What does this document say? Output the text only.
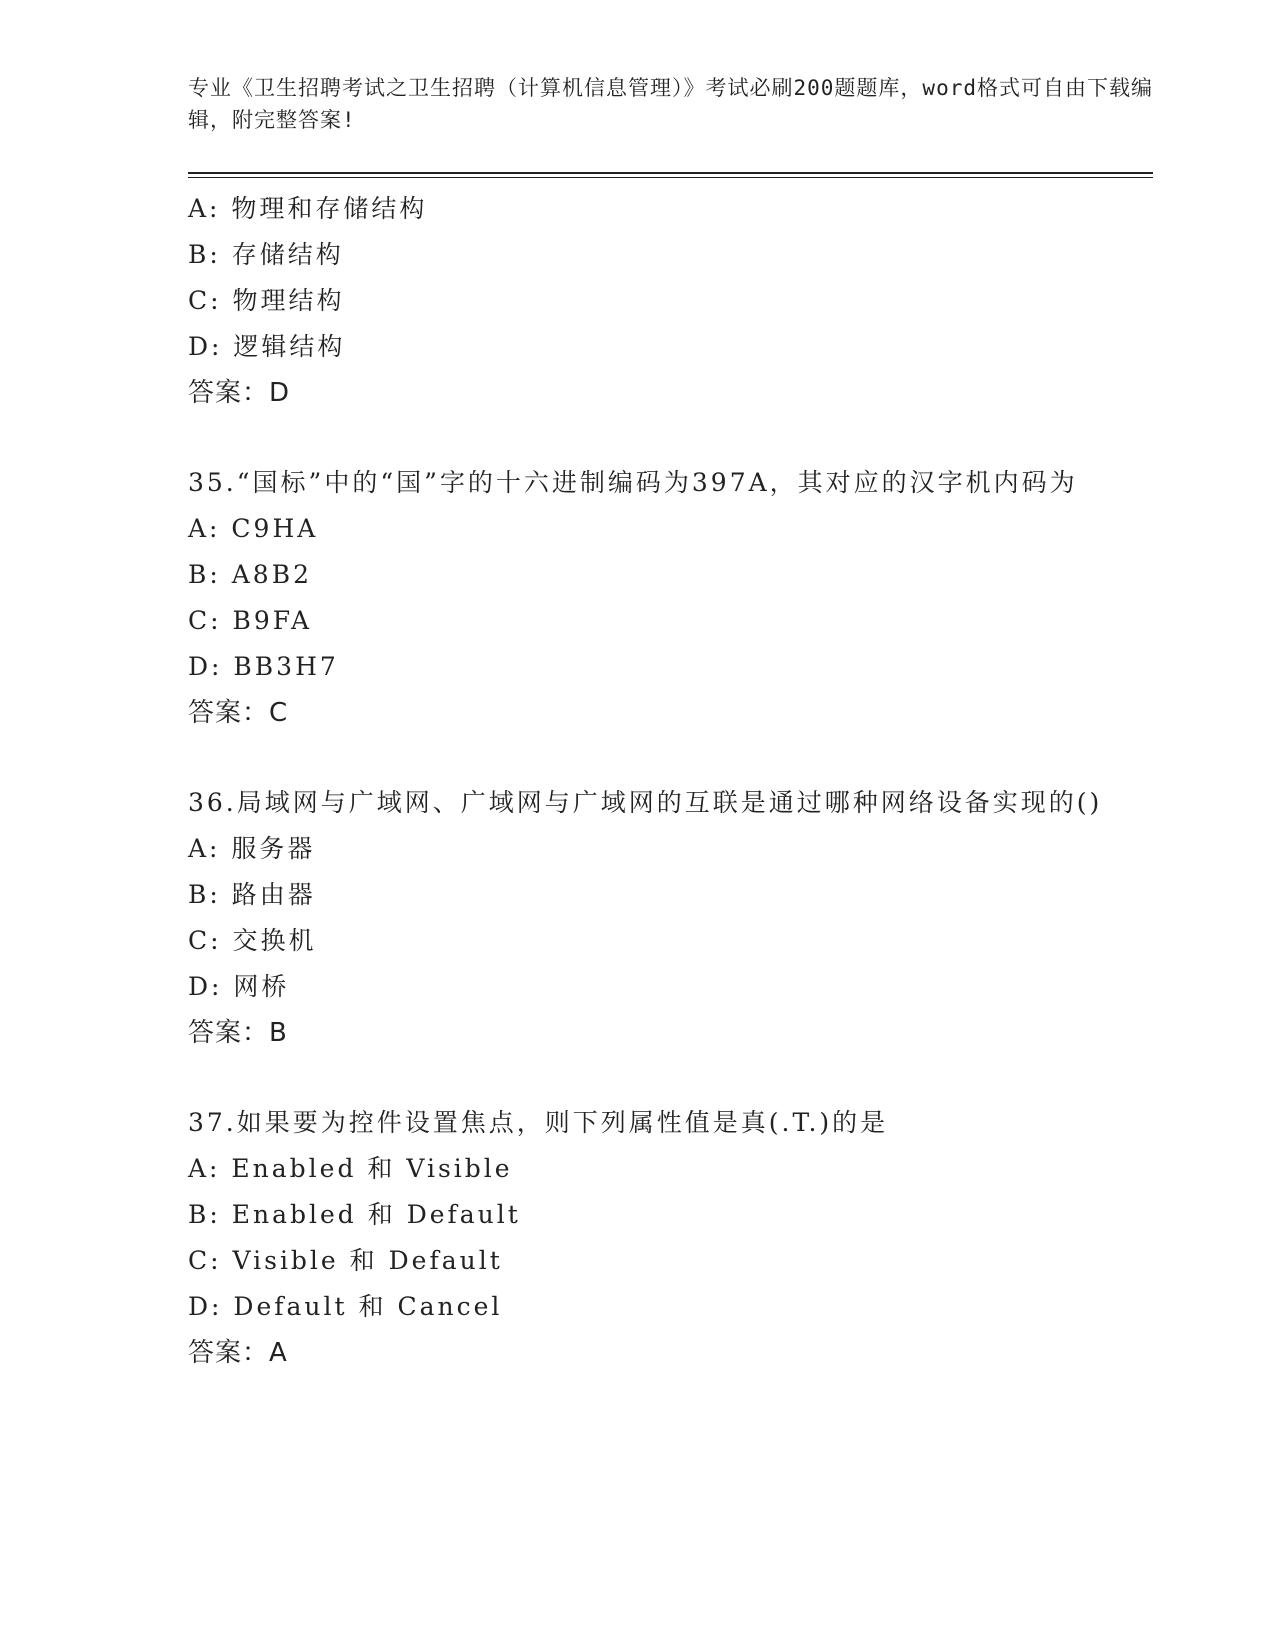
专业《卫生招聘考试之卫生招聘（计算机信息管理）》考试必刷200题题库，word格式可自由下载编辑，附完整答案!

A: 物理和存储结构
B: 存储结构
C: 物理结构
D: 逻辑结构
答案：D
35.“国标”中的“国”字的十六进制编码为397A，其对应的汉字机内码为
A: C9HA
B: A8B2
C: B9FA
D: BB3H7
答案：C
36.局域网与广域网、广域网与广域网的互联是通过哪种网络设备实现的()
A: 服务器
B: 路由器
C: 交换机
D: 网桥
答案：B
37.如果要为控件设置焦点，则下列属性值是真(.T.)的是
A: Enabled 和 Visible
B: Enabled 和 Default
C: Visible 和 Default
D: Default 和 Cancel
答案：A
